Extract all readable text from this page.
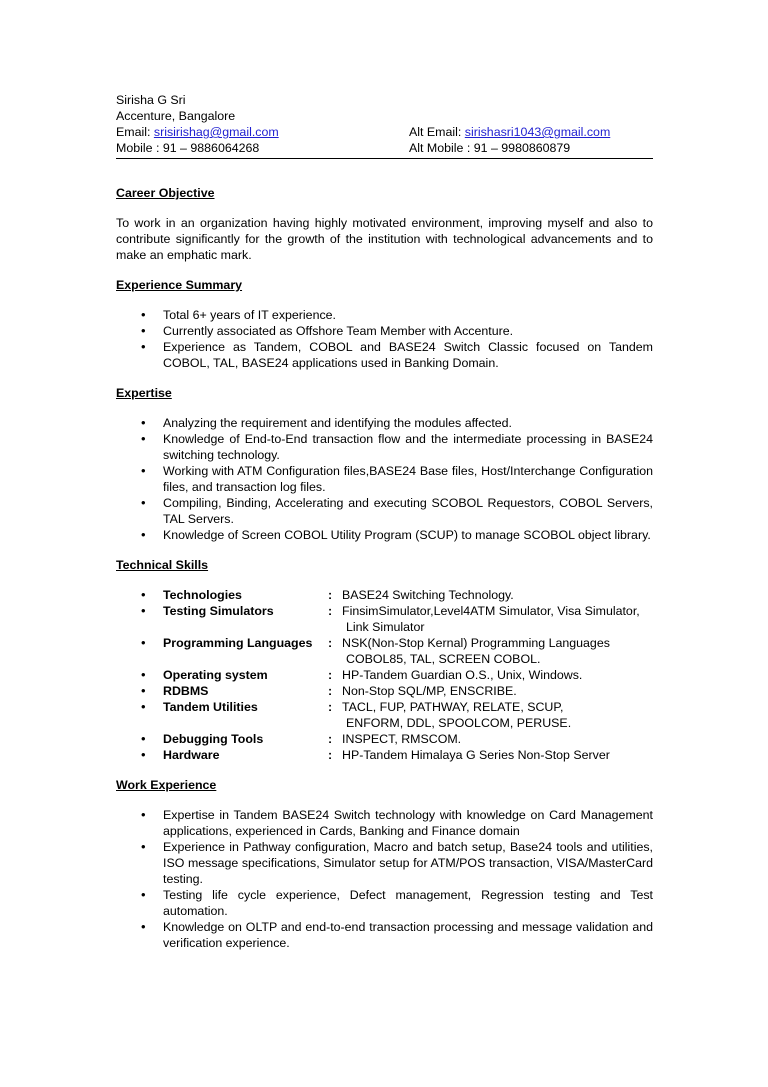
Sirisha G Sri
Accenture, Bangalore
Email: srisirishag@gmail.com	Alt Email: sirishasri1043@gmail.com
Mobile : 91 – 9886064268	Alt Mobile : 91 – 9980860879
Career Objective
To work in an organization having highly motivated environment, improving myself and also to contribute significantly for the growth of the institution with technological advancements and to make an emphatic mark.
Experience Summary
• Total 6+ years of IT experience.
• Currently associated as Offshore Team Member with Accenture.
• Experience as Tandem, COBOL and BASE24 Switch Classic focused on Tandem COBOL, TAL, BASE24 applications used in Banking Domain.
Expertise
• Analyzing the requirement and identifying the modules affected.
• Knowledge of End-to-End transaction flow and the intermediate processing in BASE24 switching technology.
• Working with ATM Configuration files,BASE24 Base files, Host/Interchange Configuration files, and transaction log files.
• Compiling, Binding, Accelerating and executing SCOBOL Requestors, COBOL Servers, TAL Servers.
• Knowledge of Screen COBOL Utility Program (SCUP) to manage SCOBOL object library.
Technical Skills
• Technologies	: BASE24 Switching Technology.
• Testing Simulators	: FinsimSimulator,Level4ATM Simulator, Visa Simulator,
Link Simulator
• Programming Languages : NSK(Non-Stop Kernal) Programming Languages
COBOL85, TAL, SCREEN COBOL.
• Operating system	: HP-Tandem Guardian O.S., Unix, Windows.
• RDBMS	: Non-Stop SQL/MP, ENSCRIBE.
• Tandem Utilities	: TACL, FUP, PATHWAY, RELATE, SCUP,
ENFORM, DDL, SPOOLCOM, PERUSE.
• Debugging Tools	: INSPECT, RMSCOM.
• Hardware	: HP-Tandem Himalaya G Series Non-Stop Server
Work Experience
• Expertise in Tandem BASE24 Switch technology with knowledge on Card Management applications, experienced in Cards, Banking and Finance domain
• Experience in Pathway configuration, Macro and batch setup, Base24 tools and utilities, ISO message specifications, Simulator setup for ATM/POS transaction, VISA/MasterCard testing.
• Testing life cycle experience, Defect management, Regression testing and Test automation.
• Knowledge on OLTP and end-to-end transaction processing and message validation and verification experience.
